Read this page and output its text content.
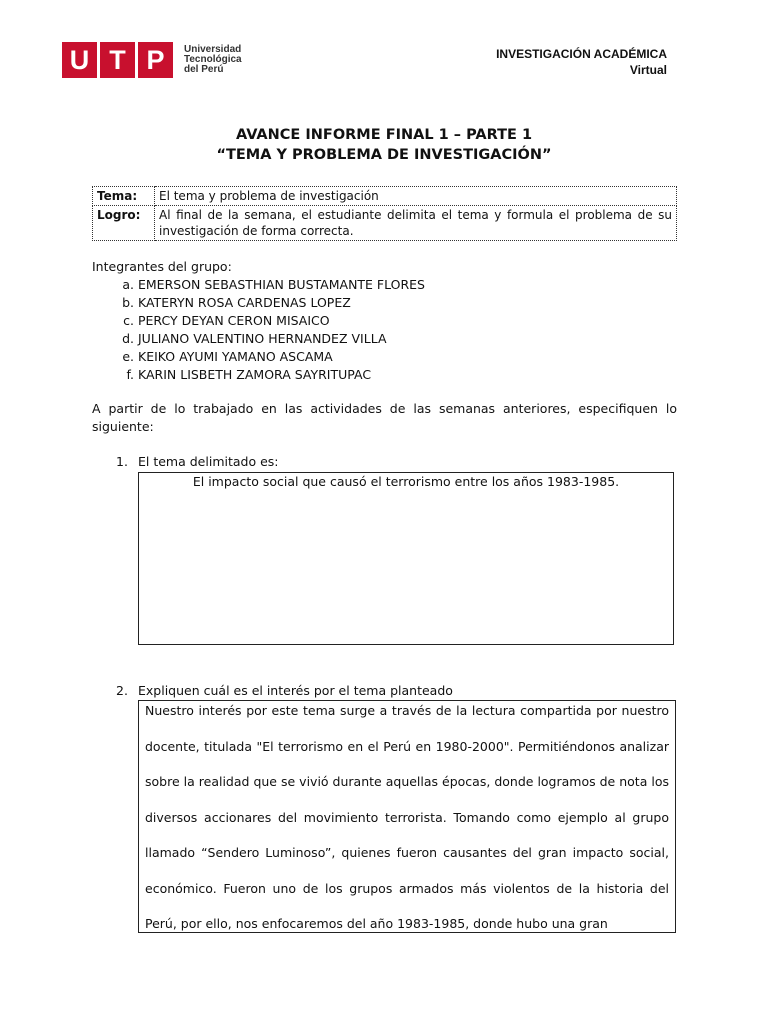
U T P	Universidad
Tecnológica
del Perú
INVESTIGACIÓN ACADÉMICA
Virtual
AVANCE INFORME FINAL 1 – PARTE 1
“TEMA Y PROBLEMA DE INVESTIGACIÓN”
Tema:	El tema y problema de investigación
Logro:	Al final de la semana, el estudiante delimita el tema y formula el problema de su investigación de forma correcta.
Integrantes del grupo:
a. EMERSON SEBASTHIAN BUSTAMANTE FLORES
b. KATERYN ROSA CARDENAS LOPEZ
c. PERCY DEYAN CERON MISAICO
d. JULIANO VALENTINO HERNANDEZ VILLA
e. KEIKO AYUMI YAMANO ASCAMA
f. KARIN LISBETH ZAMORA SAYRITUPAC

A partir de lo trabajado en las actividades de las semanas anteriores, especifiquen lo siguiente:

1. El tema delimitado es:
El impacto social que causó el terrorismo entre los años 1983-1985.
2. Expliquen cuál es el interés por el tema planteado

Nuestro interés por este tema surge a través de la lectura compartida por nuestro docente, titulada "El terrorismo en el Perú en 1980-2000". Permitiéndonos analizar sobre la realidad que se vivió durante aquellas épocas, donde logramos de nota los diversos accionares del movimiento terrorista. Tomando como ejemplo al grupo llamado “Sendero Luminoso”, quienes fueron causantes del gran impacto social, económico. Fueron uno de los grupos armados más violentos de la historia del Perú, por ello, nos enfocaremos del año 1983-1985, donde hubo una gran
